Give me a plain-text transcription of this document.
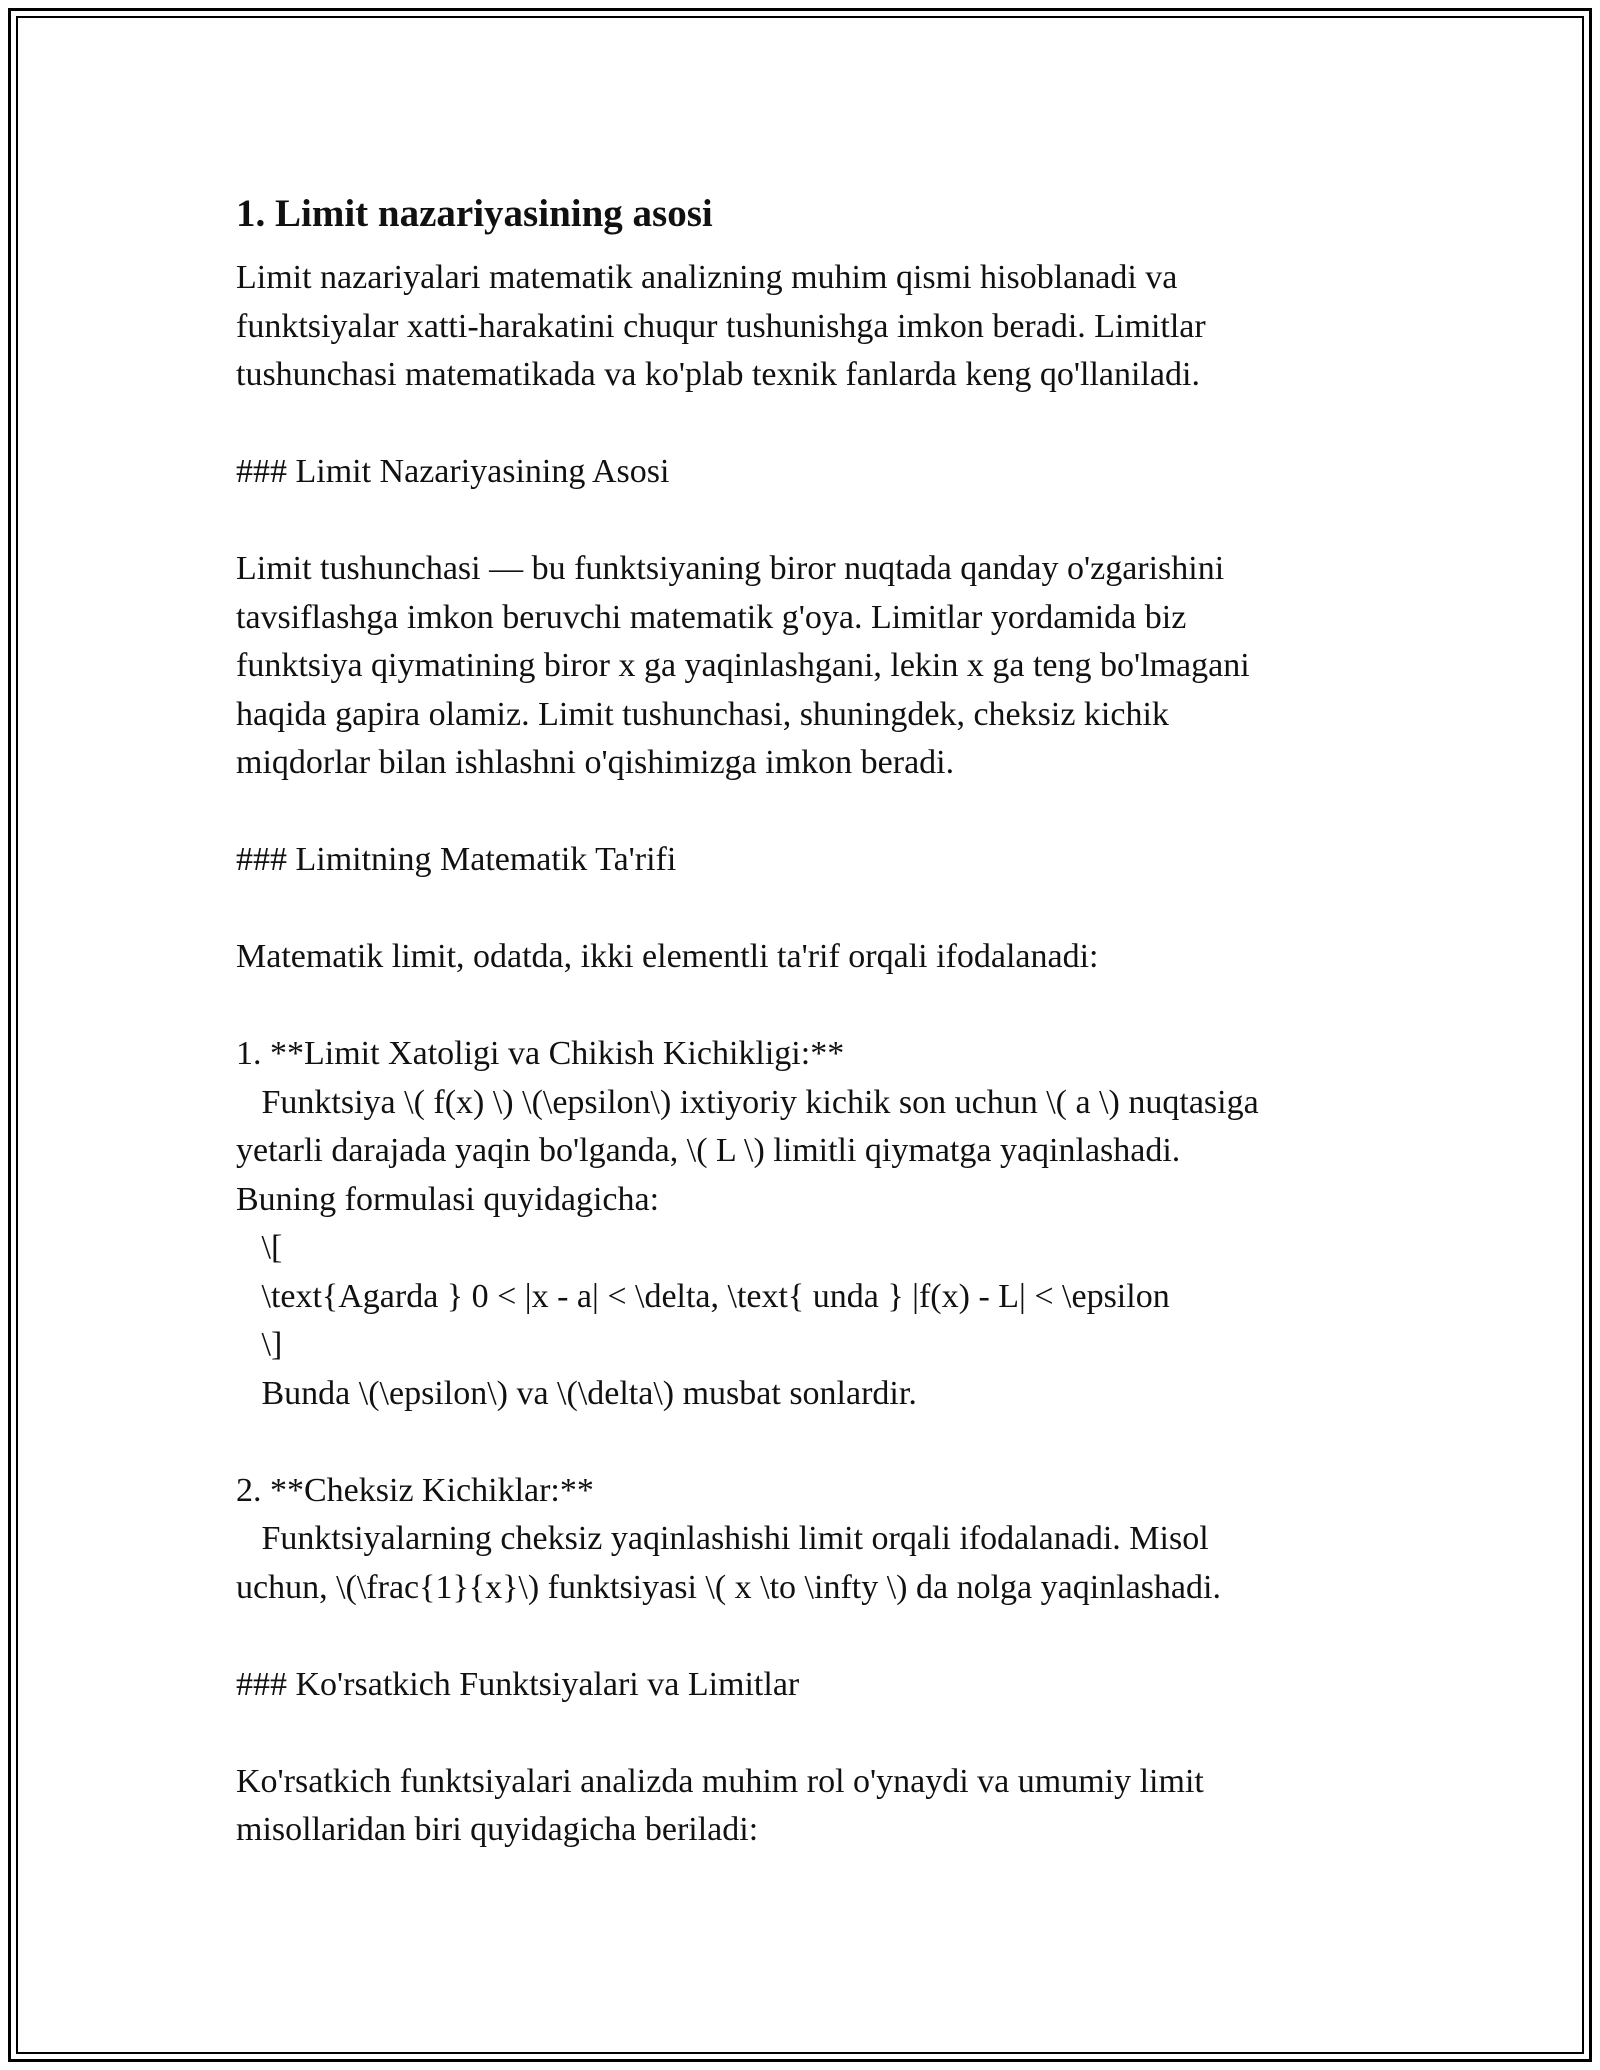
1. Limit nazariyasining asosi
Limit nazariyalari matematik analizning muhim qismi hisoblanadi va
funktsiyalar xatti-harakatini chuqur tushunishga imkon beradi. Limitlar
tushunchasi matematikada va ko'plab texnik fanlarda keng qo'llaniladi.
### Limit Nazariyasining Asosi
Limit tushunchasi — bu funktsiyaning biror nuqtada qanday o'zgarishini
tavsiflashga imkon beruvchi matematik g'oya. Limitlar yordamida biz
funktsiya qiymatining biror x ga yaqinlashgani, lekin x ga teng bo'lmagani
haqida gapira olamiz. Limit tushunchasi, shuningdek, cheksiz kichik
miqdorlar bilan ishlashni o'qishimizga imkon beradi.
### Limitning Matematik Ta'rifi
Matematik limit, odatda, ikki elementli ta'rif orqali ifodalanadi:
1. **Limit Xatoligi va Chikish Kichikligi:**
Funktsiya \( f(x) \) \(\epsilon\) ixtiyoriy kichik son uchun \( a \) nuqtasiga
yetarli darajada yaqin bo'lganda, \( L \) limitli qiymatga yaqinlashadi.
Buning formulasi quyidagicha:
\[
\text{Agarda } 0 < |x - a| < \delta, \text{ unda } |f(x) - L| < \epsilon
\]
Bunda \(\epsilon\) va \(\delta\) musbat sonlardir.
2. **Cheksiz Kichiklar:**
Funktsiyalarning cheksiz yaqinlashishi limit orqali ifodalanadi. Misol
uchun, \(\frac{1}{x}\) funktsiyasi \( x \to \infty \) da nolga yaqinlashadi.
### Ko'rsatkich Funktsiyalari va Limitlar
Ko'rsatkich funktsiyalari analizda muhim rol o'ynaydi va umumiy limit
misollaridan biri quyidagicha beriladi:
